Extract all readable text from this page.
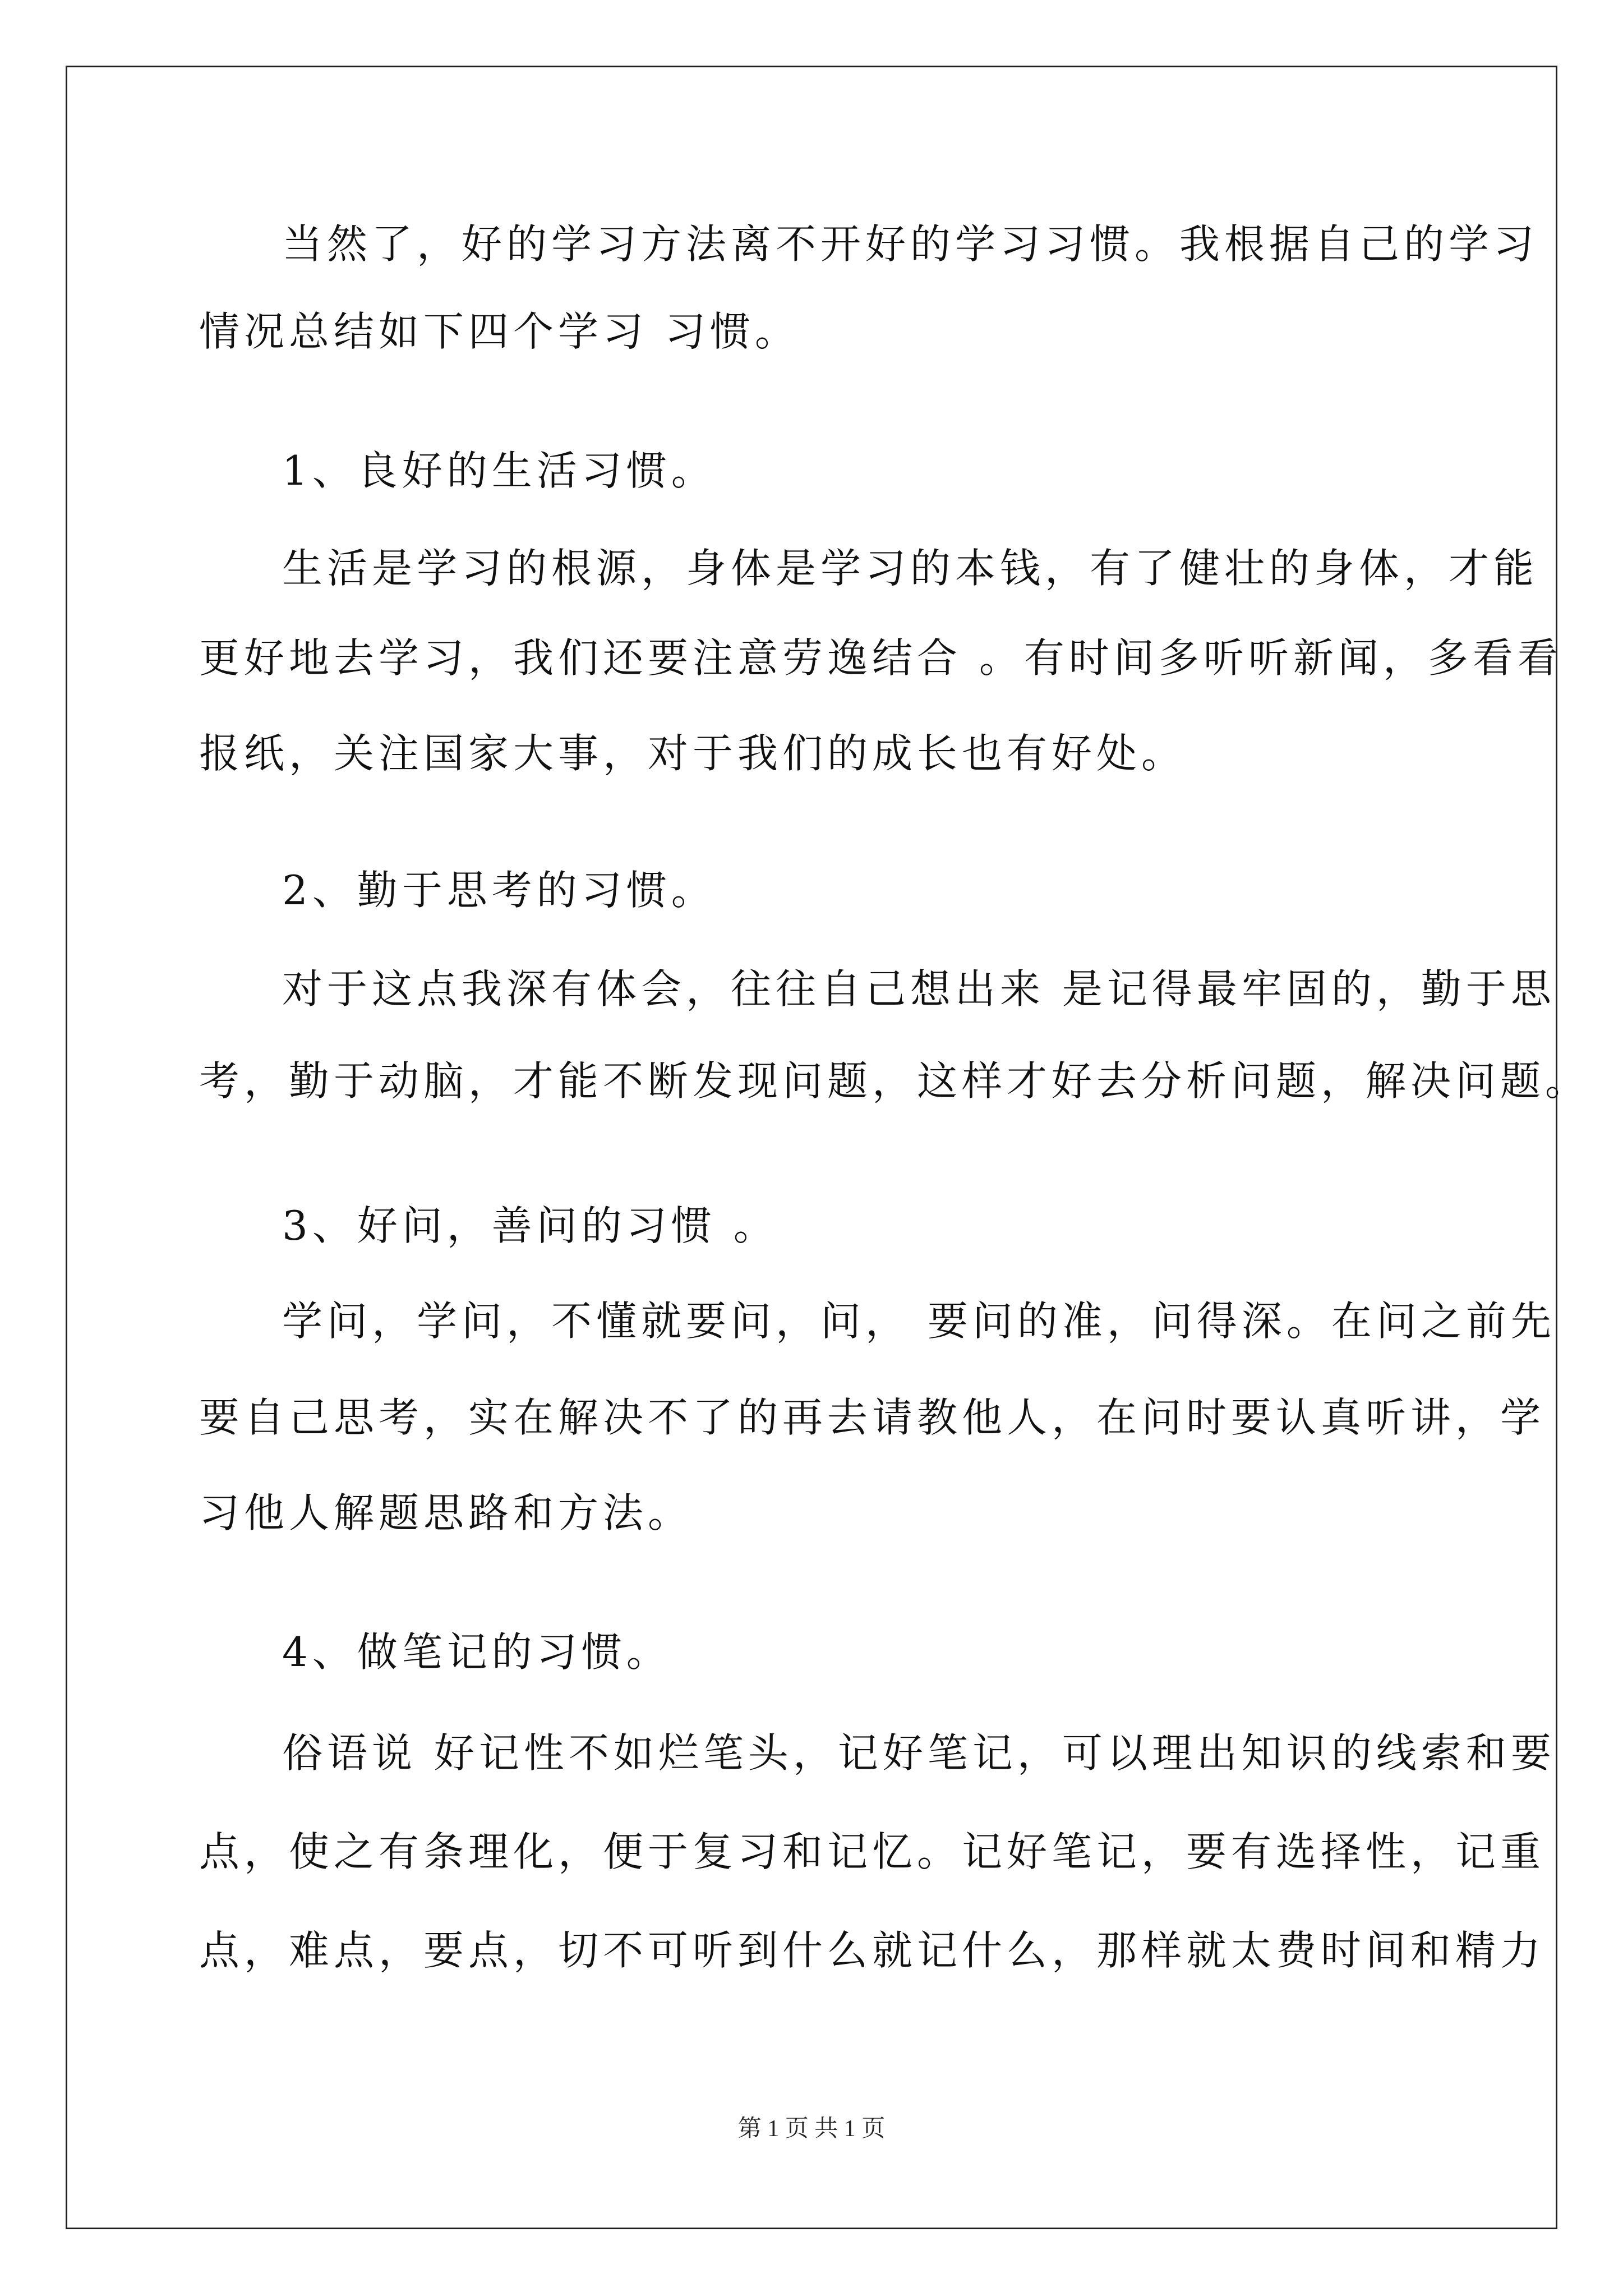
当然了，好的学习方法离不开好的学习习惯。我根据自己的学习
情况总结如下四个学习 习惯。
1、良好的生活习惯。
生活是学习的根源，身体是学习的本钱，有了健壮的身体，才能
更好地去学习，我们还要注意劳逸结合 。有时间多听听新闻，多看看
报纸，关注国家大事，对于我们的成长也有好处。
2、勤于思考的习惯。
对于这点我深有体会，往往自己想出来 是记得最牢固的，勤于思
考，勤于动脑，才能不断发现问题，这样才好去分析问题，解决问题。
3、好问，善问的习惯 。
学问，学问，不懂就要问，问， 要问的准，问得深。在问之前先
要自己思考，实在解决不了的再去请教他人，在问时要认真听讲，学
习他人解题思路和方法。
4、做笔记的习惯。
俗语说 好记性不如烂笔头，记好笔记，可以理出知识的线索和要
点，使之有条理化，便于复习和记忆。记好笔记，要有选择性，记重
点，难点，要点，切不可听到什么就记什么，那样就太费时间和精力
第 1 页 共 1 页
